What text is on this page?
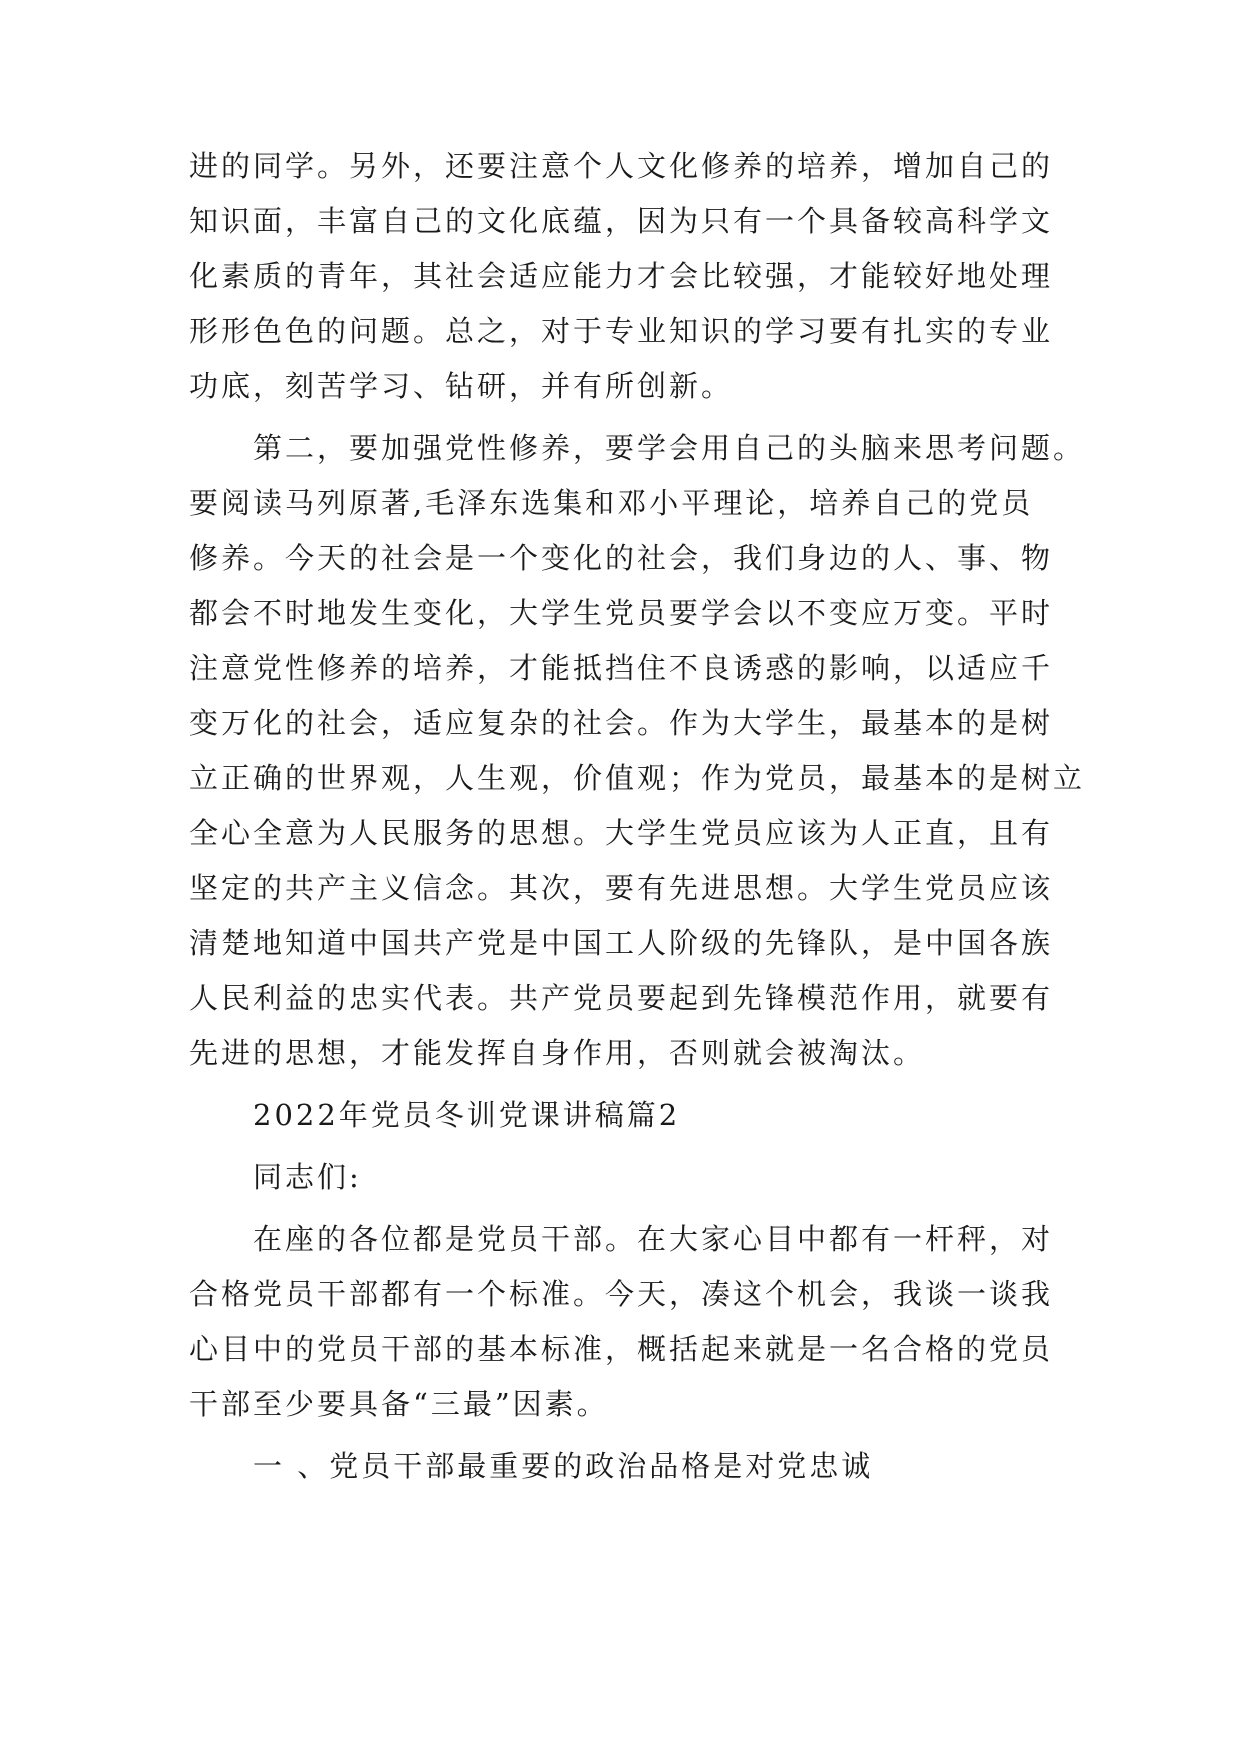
进的同学。另外，还要注意个人文化修养的培养，增加自己的
知识面，丰富自己的文化底蕴，因为只有一个具备较高科学文
化素质的青年，其社会适应能力才会比较强，才能较好地处理
形形色色的问题。总之，对于专业知识的学习要有扎实的专业
功底，刻苦学习、钻研，并有所创新。
第二，要加强党性修养，要学会用自己的头脑来思考问题。
要阅读马列原著,毛泽东选集和邓小平理论，培养自己的党员
修养。今天的社会是一个变化的社会，我们身边的人、事、物
都会不时地发生变化，大学生党员要学会以不变应万变。平时
注意党性修养的培养，才能抵挡住不良诱惑的影响，以适应千
变万化的社会，适应复杂的社会。作为大学生，最基本的是树
立正确的世界观，人生观，价值观；作为党员，最基本的是树立
全心全意为人民服务的思想。大学生党员应该为人正直，且有
坚定的共产主义信念。其次，要有先进思想。大学生党员应该
清楚地知道中国共产党是中国工人阶级的先锋队，是中国各族
人民利益的忠实代表。共产党员要起到先锋模范作用，就要有
先进的思想，才能发挥自身作用，否则就会被淘汰。
2022年党员冬训党课讲稿篇2
同志们:
在座的各位都是党员干部。在大家心目中都有一杆秤，对
合格党员干部都有一个标准。今天，凑这个机会，我谈一谈我
心目中的党员干部的基本标准，概括起来就是一名合格的党员
干部至少要具备“三最”因素。
一 、党员干部最重要的政治品格是对党忠诚
